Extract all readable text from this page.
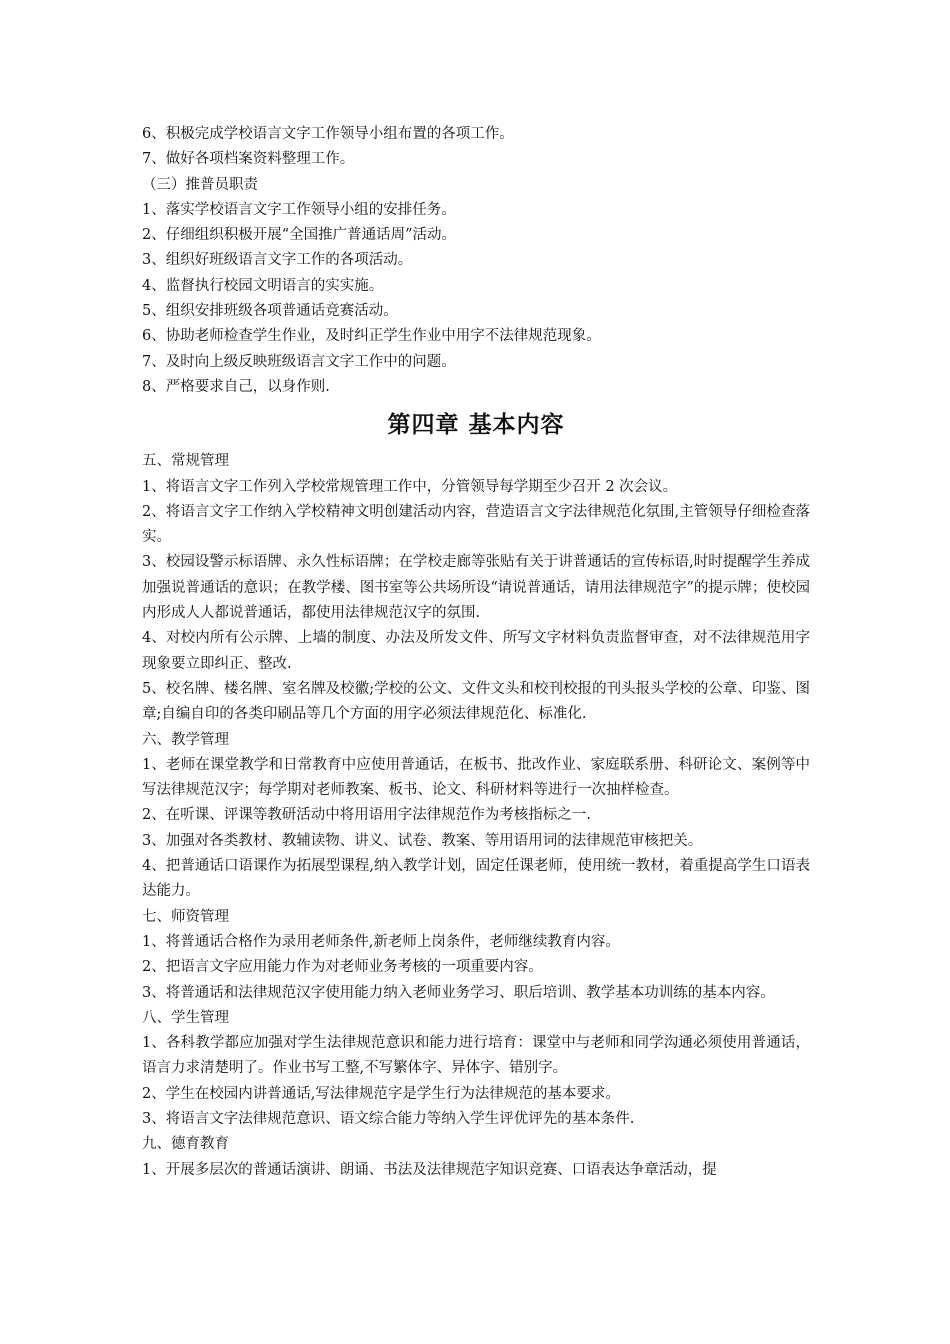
6、积极完成学校语言文字工作领导小组布置的各项工作。
7、做好各项档案资料整理工作。
（三）推普员职责
1、落实学校语言文字工作领导小组的安排任务。
2、仔细组织积极开展“全国推广普通话周”活动。
3、组织好班级语言文字工作的各项活动。
4、监督执行校园文明语言的实实施。
5、组织安排班级各项普通话竞赛活动。
6、协助老师检查学生作业，及时纠正学生作业中用字不法律规范现象。
7、及时向上级反映班级语言文字工作中的问题。
8、严格要求自己，以身作则.
第四章 基本内容
五、常规管理
1、将语言文字工作列入学校常规管理工作中，分管领导每学期至少召开 2 次会议。
2、将语言文字工作纳入学校精神文明创建活动内容，营造语言文字法律规范化氛围,主管领导仔细检查落实。
3、校园设警示标语牌、永久性标语牌；在学校走廊等张贴有关于讲普通话的宣传标语,时时提醒学生养成加强说普通话的意识；在教学楼、图书室等公共场所设“请说普通话，请用法律规范字”的提示牌；使校园内形成人人都说普通话，都使用法律规范汉字的氛围.
4、对校内所有公示牌、上墙的制度、办法及所发文件、所写文字材料负责监督审查，对不法律规范用字现象要立即纠正、整改.
5、校名牌、楼名牌、室名牌及校徽;学校的公文、文件文头和校刊校报的刊头报头学校的公章、印鉴、图章;自编自印的各类印刷品等几个方面的用字必须法律规范化、标准化.
六、教学管理
1、老师在课堂教学和日常教育中应使用普通话，在板书、批改作业、家庭联系册、科研论文、案例等中写法律规范汉字；每学期对老师教案、板书、论文、科研材料等进行一次抽样检查。
2、在听课、评课等教研活动中将用语用字法律规范作为考核指标之一.
3、加强对各类教材、教辅读物、讲义、试卷、教案、等用语用词的法律规范审核把关。
4、把普通话口语课作为拓展型课程,纳入教学计划，固定任课老师，使用统一教材，着重提高学生口语表达能力。
七、师资管理
1、将普通话合格作为录用老师条件,新老师上岗条件，老师继续教育内容。
2、把语言文字应用能力作为对老师业务考核的一项重要内容。
3、将普通话和法律规范汉字使用能力纳入老师业务学习、职后培训、教学基本功训练的基本内容。
八、学生管理
1、各科教学都应加强对学生法律规范意识和能力进行培育：课堂中与老师和同学沟通必须使用普通话，语言力求清楚明了。作业书写工整,不写繁体字、异体字、错别字。
2、学生在校园内讲普通话,写法律规范字是学生行为法律规范的基本要求。
3、将语言文字法律规范意识、语文综合能力等纳入学生评优评先的基本条件.
九、德育教育
1、开展多层次的普通话演讲、朗诵、书法及法律规范字知识竞赛、口语表达争章活动，提
